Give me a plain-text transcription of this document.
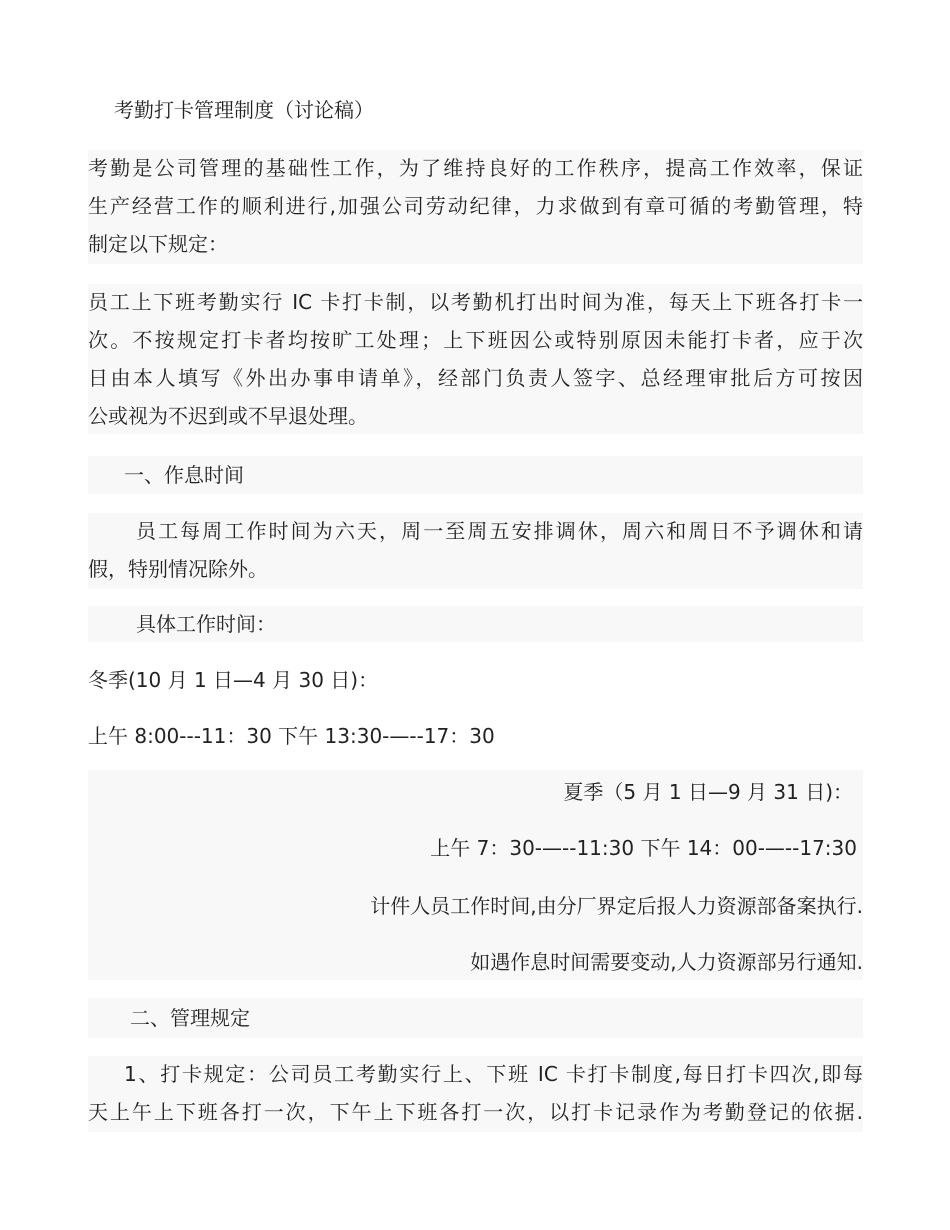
考勤打卡管理制度（讨论稿）
考勤是公司管理的基础性工作，为了维持良好的工作秩序，提高工作效率，保证
生产经营工作的顺利进行,加强公司劳动纪律，力求做到有章可循的考勤管理，特
制定以下规定：
员工上下班考勤实行 IC 卡打卡制，以考勤机打出时间为准，每天上下班各打卡一
次。不按规定打卡者均按旷工处理；上下班因公或特别原因未能打卡者，应于次
日由本人填写《外出办事申请单》，经部门负责人签字、总经理审批后方可按因
公或视为不迟到或不早退处理。
一、作息时间
员工每周工作时间为六天，周一至周五安排调休，周六和周日不予调休和请
假，特别情况除外。
具体工作时间：
冬季(10 月 1 日—4 月 30 日)：
上午 8:00---11：30 下午 13:30-—--17：30
夏季（5 月 1 日—9 月 31 日)：
上午 7：30-—--11:30 下午 14：00-—--17:30
计件人员工作时间,由分厂界定后报人力资源部备案执行.
如遇作息时间需要变动,人力资源部另行通知.
二、管理规定
1、打卡规定：公司员工考勤实行上、下班 IC 卡打卡制度,每日打卡四次,即每
天上午上下班各打一次，下午上下班各打一次，以打卡记录作为考勤登记的依据.
